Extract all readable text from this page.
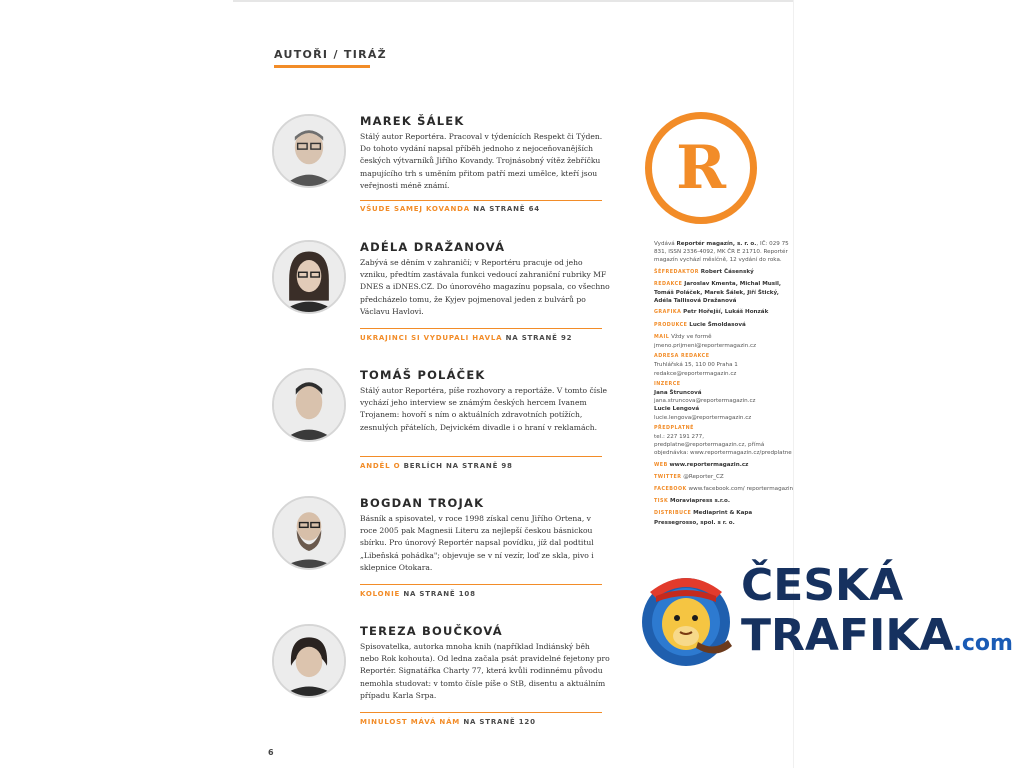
AUTOŘI / TIRÁŽ
MAREK ŠÁLEK
Stálý autor Reportéra. Pracoval v týdenících Respekt či Týden. Do tohoto vydání napsal příběh jednoho z nejoceňovanějších českých výtvarníků Jiřího Kovandy. Trojnásobný vítěz žebříčku mapujícího trh s uměním přitom patří mezi umělce, kteří jsou veřejnosti méně známí.
VŠUDE SAMEJ KOVANDA NA STRANĚ 64
ADÉLA DRAŽANOVÁ
Zabývá se děním v zahraničí; v Reportéru pracuje od jeho vzniku, předtím zastávala funkci vedoucí zahraniční rubriky MF DNES a iDNES.CZ. Do únorového magazínu popsala, co všechno předcházelo tomu, že Kyjev pojmenoval jeden z bulvárů po Václavu Havlovi.
UKRAJINCI SI VYDUPALI HAVLA NA STRANĚ 92
TOMÁŠ POLÁČEK
Stálý autor Reportéra, píše rozhovory a reportáže. V tomto čísle vychází jeho interview se známým českých hercem Ivanem Trojanem: hovoří s ním o aktuálních zdravotních potížích, zesnulých přátelích, Dejvickém divadle i o hraní v reklamách.
ANDĚL O BERLÍCH NA STRANĚ 98
BOGDAN TROJAK
Básník a spisovatel, v roce 1998 získal cenu Jiřího Ortena, v roce 2005 pak Magnesii Literu za nejlepší českou básnickou sbírku. Pro únorový Reportér napsal povídku, jíž dal podtitul „Libeňská pohádka"; objevuje se v ní vezír, loď ze skla, pivo i sklepnice Otokara.
KOLONIE NA STRANĚ 108
TEREZA BOUČKOVÁ
Spisovatelka, autorka mnoha knih (například Indiánský běh nebo Rok kohouta). Od ledna začala psát pravidelné fejetony pro Reportér. Signatářka Charty 77, která kvůli rodinnému původu nemohla studovat: v tomto čísle píše o StB, disentu a aktuálním případu Karla Srpa.
MINULOST MÁVÁ NÁM NA STRANĚ 120
6
R
Vydává Reportér magazín, s. r. o., IČ: 029 75 831, ISSN 2336-4092, MK ČR E 21710. Reportér magazín vychází měsíčně, 12 vydání do roka.
ŠÉFREDAKTOR Robert Čásenský
REDAKCE Jaroslav Kmenta, Michal Musil, Tomáš Poláček, Marek Šálek, Jiří Štický, Adéla Tallisová Dražanová
GRAFIKA Petr Hořejší, Lukáš Honzák
PRODUKCE Lucie Šmoldasová
MAIL Vždy ve formě jmeno.prijmeni@reportermagazin.cz
ADRESA REDAKCE
Truhlářská 15, 110 00 Praha 1 redakce@reportermagazin.cz
INZERCE
Jana Štruncová
jana.struncova@reportermagazin.cz
Lucie Lengová
lucie.lengova@reportermagazin.cz
PŘEDPLATNÉ
tel.: 227 191 277, predplatne@reportermagazin.cz, přímá objednávka: www.reportermagazin.cz/predplatne
WEB www.reportermagazin.cz
TWITTER @Reporter_CZ
FACEBOOK www.facebook.com/ reportermagazin
TISK Moraviapress s.r.o.
DISTRIBUCE Mediaprint & Kapa Pressegrosso, spol. s r. o.
ČESKÁ
TRAFIKA.com
